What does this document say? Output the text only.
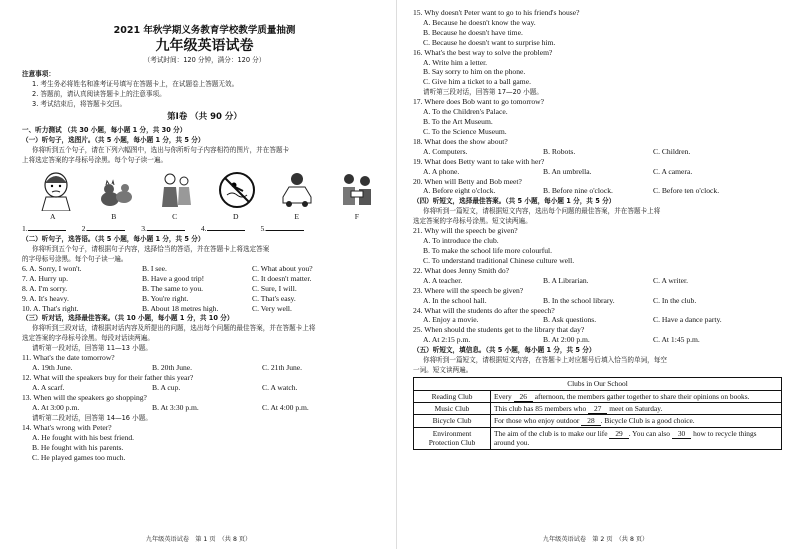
2021 年秋学期义务教育学校教学质量抽测
九年级英语试卷
（考试时间：120 分钟，满分：120 分）
注意事项：
1. 考生务必将姓名和准考证号填写在答题卡上，在试题卷上答题无效。
2. 答题前，请认真阅读答题卡上的注意事项。
3. 考试结束后，将答题卡交回。
第Ⅰ卷 （共 90 分）
一、听力测试 （共 30 小题，每小题 1 分，共 30 分）
（一）听句子，选图片。（共 5 小题，每小题 1 分，共 5 分）
你将听到五个句子，请在下列六幅图中，选出与你所听句子内容相符的图片，并在答题卡
上将选定答案的字母标号涂黑。每个句子读一遍。
A	B	C	D	E	F
1.	2.	3.	4.	5.
（二）听句子，选答语。（共 5 小题，每小题 1 分，共 5 分）
你将听到五个句子，请根据句子内容，选择恰当的答语，并在答题卡上将选定答案
的字母标号涂黑。每个句子读一遍。
6. A. Sorry, I won't.	B. I see.	C. What about you?
7. A. Hurry up.	B. Have a good trip!	C. It doesn't matter.
8. A. I'm sorry.	B. The same to you.	C. Sure, I will.
9. A. It's heavy.	B. You're right.	C. That's easy.
10. A. That's right.	B. About 18 metres high.	C. Very well.
（三）听对话，选择最佳答案。（共 10 小题，每小题 1 分，共 10 分）
你将听到三段对话，请根据对话内容及所提出的问题，选出每个问题的最佳答案，并在答题卡上将
选定答案的字母标号涂黑。每段对话读两遍。
请听第一段对话，回答第 11—13 小题。
11. What's the date tomorrow?
A. 19th June.	B. 20th June.	C. 21th June.
12. What will the speakers buy for their father this year?
A. A scarf.	B. A cup.	C. A watch.
13. When will the speakers go shopping?
A. At 3:00 p.m.	B. At 3:30 p.m.	C. At 4:00 p.m.
请听第二段对话，回答第 14—16 小题。
14. What's wrong with Peter?
A. He fought with his best friend.
B. He fought with his parents.
C. He played games too much.
九年级英语试卷　第 1 页　（共 8 页）
15. Why doesn't Peter want to go to his friend's house?
A. Because he doesn't know the way.
B. Because he doesn't have time.
C. Because he doesn't want to surprise him.
16. What's the best way to solve the problem?
A. Write him a letter.
B. Say sorry to him on the phone.
C. Give him a ticket to a ball game.
请听第三段对话，回答第 17—20 小题。
17. Where does Bob want to go tomorrow?
A. To the Children's Palace.
B. To the Art Museum.
C. To the Science Museum.
18. What does the show about?
A. Computers.	B. Robots.	C. Children.
19. What does Betty want to take with her?
A. A phone.	B. An umbrella.	C. A camera.
20. When will Betty and Bob meet?
A. Before eight o'clock.	B. Before nine o'clock.	C. Before ten o'clock.
（四）听短文，选择最佳答案。（共 5 小题，每小题 1 分，共 5 分）
你将听到一篇短文，请根据短文内容，选出每个问题的最佳答案，并在答题卡上将
选定答案的字母标号涂黑。短文读两遍。
21. Why will the speech be given?
A. To introduce the club.
B. To make the school life more colourful.
C. To understand traditional Chinese culture well.
22. What does Jenny Smith do?
A. A teacher.	B. A Librarian.	C. A writer.
23. Where will the speech be given?
A. In the school hall.	B. In the school library.	C. In the club.
24. What will the students do after the speech?
A. Enjoy a movie.	B. Ask questions.	C. Have a dance party.
25. When should the students get to the library that day?
A. At 2:15 p.m.	B. At 2:00 p.m.	C. At 1:45 p.m.
（五）听短文，填信息。（共 5 小题，每小题 1 分，共 5 分）
你将听到一篇短文，请根据短文内容，在答题卡上对应题号后填入恰当的单词，每空
一词。短文读两遍。
Clubs in Our School	
Reading Club	Every 26 afternoon, the members gather together to share their opinions on books.
Music Club	This club has 85 members who 27 meet on Saturday.
Bicycle Club	For those who enjoy outdoor 28 . Bicycle Club is a good choice.
Environment Protection Club	The aim of the club is to make our life 29 . You can also 30 how to recycle things around you.
九年级英语试卷　第 2 页　（共 8 页）
